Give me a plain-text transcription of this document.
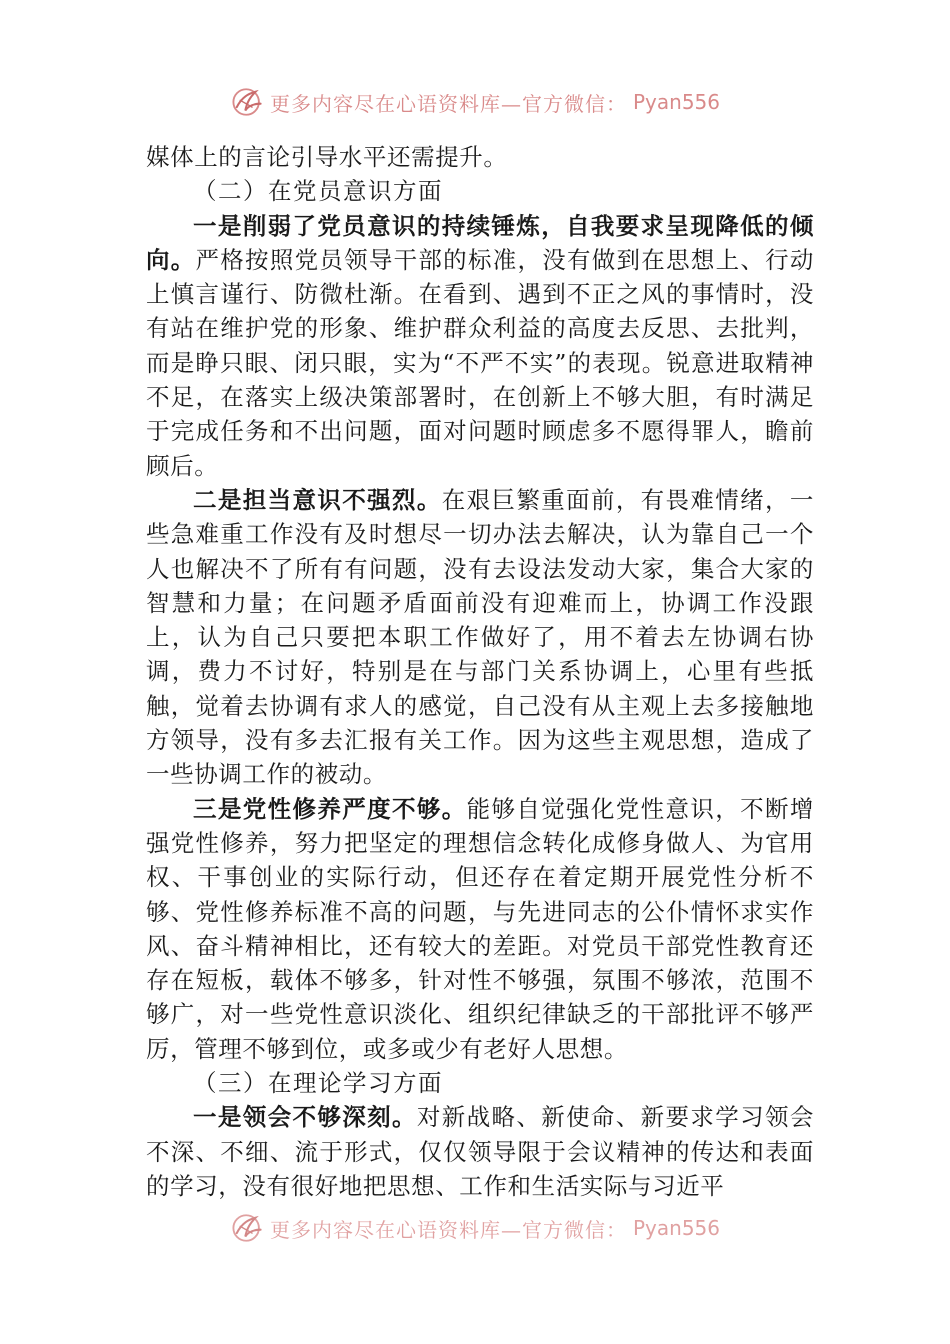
更多内容尽在心语资料库—官方微信： Pyan556

媒体上的言论引导水平还需提升。

（二）在党员意识方面

一是削弱了党员意识的持续锤炼，自我要求呈现降低的倾向。严格按照党员领导干部的标准，没有做到在思想上、行动上慎言谨行、防微杜渐。在看到、遇到不正之风的事情时，没有站在维护党的形象、维护群众利益的高度去反思、去批判，而是睁只眼、闭只眼，实为“不严不实”的表现。锐意进取精神不足，在落实上级决策部署时，在创新上不够大胆，有时满足于完成任务和不出问题，面对问题时顾虑多不愿得罪人，瞻前顾后。

二是担当意识不强烈。在艰巨繁重面前，有畏难情绪，一些急难重工作没有及时想尽一切办法去解决，认为靠自己一个人也解决不了所有有问题，没有去设法发动大家，集合大家的智慧和力量；在问题矛盾面前没有迎难而上，协调工作没跟上，认为自己只要把本职工作做好了，用不着去左协调右协调，费力不讨好，特别是在与部门关系协调上，心里有些抵触，觉着去协调有求人的感觉，自己没有从主观上去多接触地方领导，没有多去汇报有关工作。因为这些主观思想，造成了一些协调工作的被动。

三是党性修养严度不够。能够自觉强化党性意识，不断增强党性修养，努力把坚定的理想信念转化成修身做人、为官用权、干事创业的实际行动，但还存在着定期开展党性分析不够、党性修养标准不高的问题，与先进同志的公仆情怀求实作风、奋斗精神相比，还有较大的差距。对党员干部党性教育还存在短板，载体不够多，针对性不够强，氛围不够浓，范围不够广，对一些党性意识淡化、组织纪律缺乏的干部批评不够严厉，管理不够到位，或多或少有老好人思想。

（三）在理论学习方面

一是领会不够深刻。对新战略、新使命、新要求学习领会不深、不细、流于形式，仅仅领导限于会议精神的传达和表面的学习，没有很好地把思想、工作和生活实际与习近平

更多内容尽在心语资料库—官方微信： Pyan556
